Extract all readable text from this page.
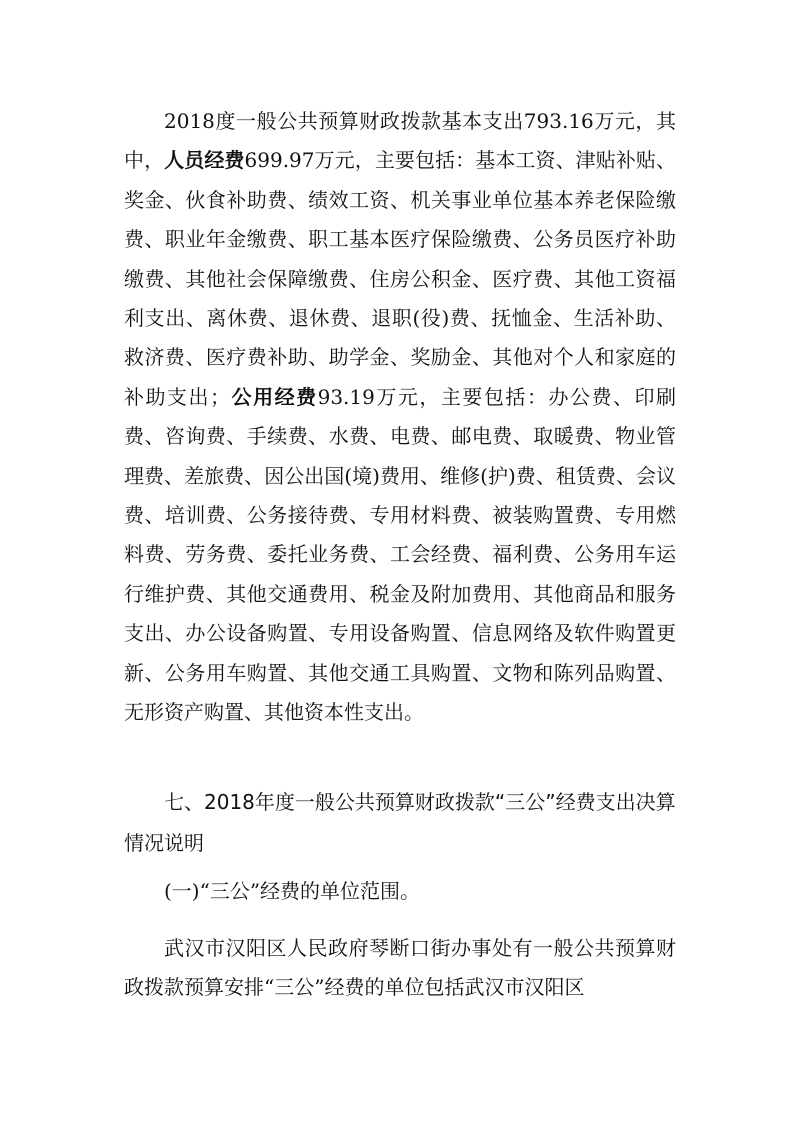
2018度一般公共预算财政拨款基本支出793.16万元，其中，人员经费699.97万元，主要包括：基本工资、津贴补贴、奖金、伙食补助费、绩效工资、机关事业单位基本养老保险缴费、职业年金缴费、职工基本医疗保险缴费、公务员医疗补助缴费、其他社会保障缴费、住房公积金、医疗费、其他工资福利支出、离休费、退休费、退职(役)费、抚恤金、生活补助、救济费、医疗费补助、助学金、奖励金、其他对个人和家庭的补助支出；公用经费93.19万元，主要包括：办公费、印刷费、咨询费、手续费、水费、电费、邮电费、取暖费、物业管理费、差旅费、因公出国(境)费用、维修(护)费、租赁费、会议费、培训费、公务接待费、专用材料费、被装购置费、专用燃料费、劳务费、委托业务费、工会经费、福利费、公务用车运行维护费、其他交通费用、税金及附加费用、其他商品和服务支出、办公设备购置、专用设备购置、信息网络及软件购置更新、公务用车购置、其他交通工具购置、文物和陈列品购置、 无形资产购置、其他资本性支出。

七、2018年度一般公共预算财政拨款“三公”经费支出决算情况说明

(一)“三公”经费的单位范围。

武汉市汉阳区人民政府琴断口街办事处有一般公共预算财政拨款预算安排“三公”经费的单位包括武汉市汉阳区
